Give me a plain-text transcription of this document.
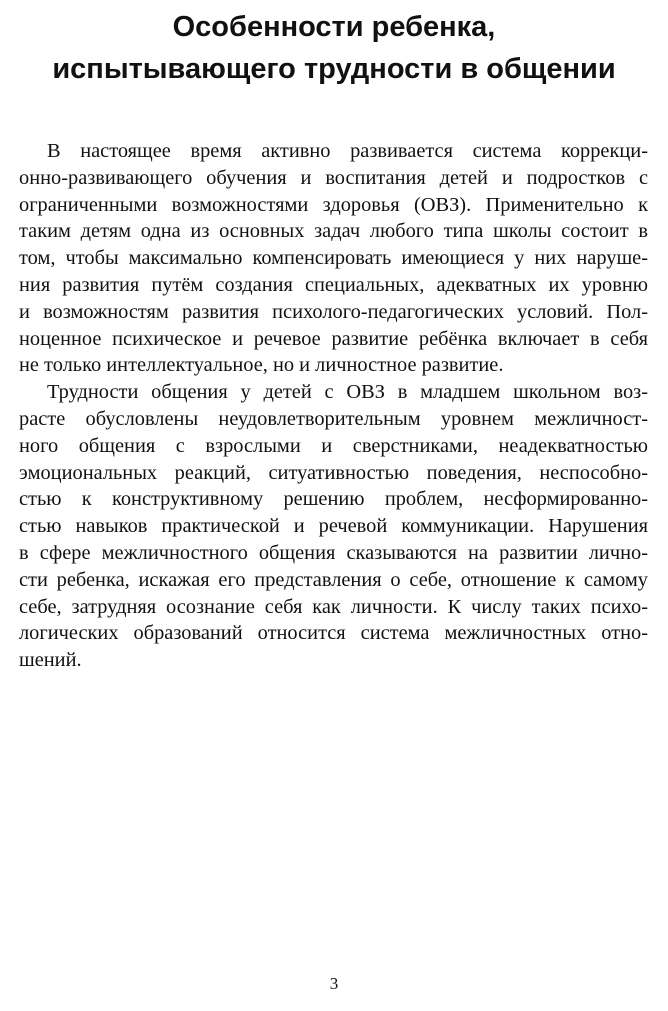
Особенности ребенка,
испытывающего трудности в общении
В настоящее время активно развивается система коррекци-
онно-развивающего обучения и воспитания детей и подростков с
ограниченными возможностями здоровья (ОВЗ). Применительно к
таким детям одна из основных задач любого типа школы состоит в
том, чтобы максимально компенсировать имеющиеся у них наруше-
ния развития путём создания специальных, адекватных их уровню
и возможностям развития психолого-педагогических условий. Пол-
ноценное психическое и речевое развитие ребёнка включает в себя
не только интеллектуальное, но и личностное развитие.
Трудности общения у детей с ОВЗ в младшем школьном воз-
расте обусловлены неудовлетворительным уровнем межличност-
ного общения с взрослыми и сверстниками, неадекватностью
эмоциональных реакций, ситуативностью поведения, неспособно-
стью к конструктивному решению проблем, несформированно-
стью навыков практической и речевой коммуникации. Нарушения
в сфере межличностного общения сказываются на развитии лично-
сти ребенка, искажая его представления о себе, отношение к самому
себе, затрудняя осознание себя как личности. К числу таких психо-
логических образований относится система межличностных отно-
шений.
3
